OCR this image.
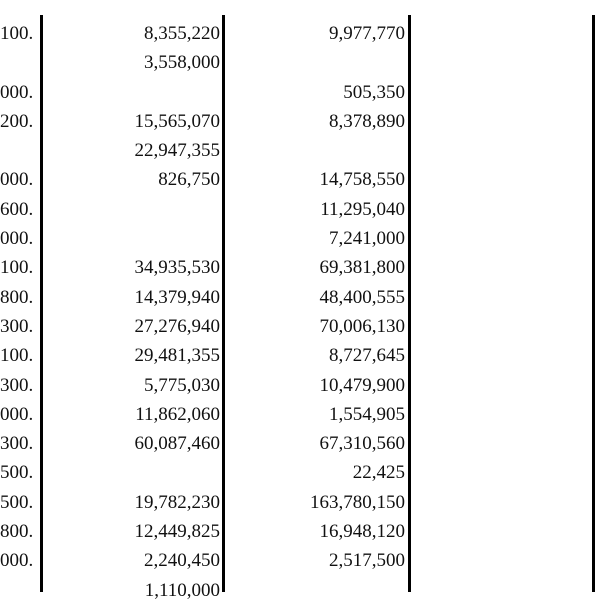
.100
.000
.200
.000
.600
.000
.100
.800
.300
.100
.300
.000
.300
.500
.500
.800
.000
8,355,220
3,558,000
15,565,070
22,947,355
826,750
34,935,530
14,379,940
27,276,940
29,481,355
5,775,030
11,862,060
60,087,460
19,782,230
12,449,825
2,240,450
1,110,000
9,977,770
505,350
8,378,890
14,758,550
11,295,040
7,241,000
69,381,800
48,400,555
70,006,130
8,727,645
10,479,900
1,554,905
67,310,560
22,425
163,780,150
16,948,120
2,517,500
